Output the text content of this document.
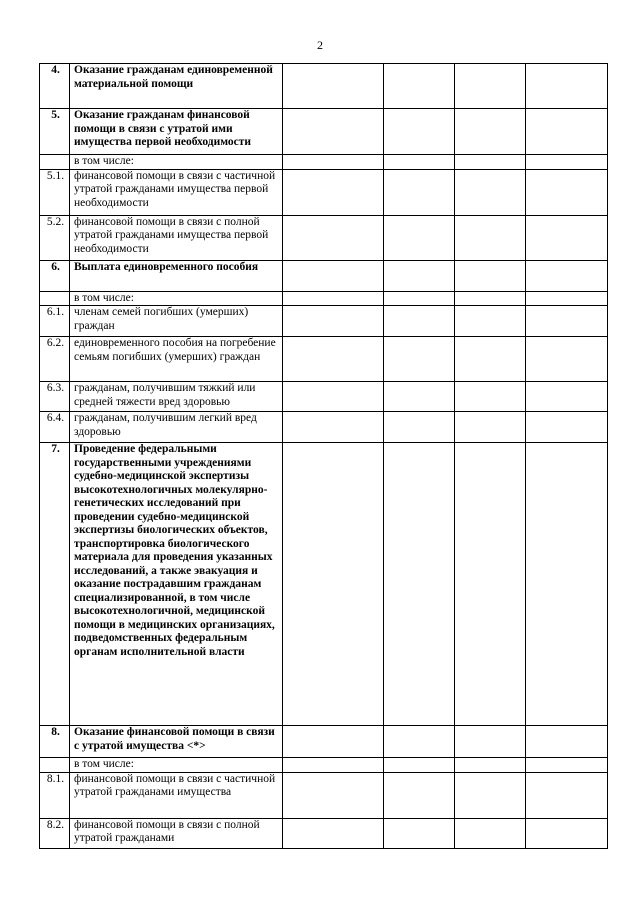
2
4.	Оказание гражданам единовременной материальной помощи				
5.	Оказание гражданам финансовой помощи в связи с утратой ими имущества первой необходимости				
	в том числе:				
5.1.	финансовой помощи в связи с частичной утратой гражданами имущества первой необходимости				
5.2.	финансовой помощи в связи с полной утратой гражданами имущества первой необходимости				
6.	Выплата единовременного пособия				
	в том числе:				
6.1.	членам семей погибших (умерших) граждан				
6.2.	единовременного пособия на погребение семьям погибших (умерших) граждан				
6.3.	гражданам, получившим тяжкий или средней тяжести вред здоровью				
6.4.	гражданам, получившим легкий вред здоровью				
7.	Проведение федеральными государственными учреждениями судебно-медицинской экспертизы высокотехнологичных молекулярно-генетических исследований при проведении судебно-медицинской экспертизы биологических объектов, транспортировка биологического материала для проведения указанных исследований, а также эвакуация и оказание пострадавшим гражданам специализированной, в том числе высокотехнологичной, медицинской помощи в медицинских организациях, подведомственных федеральным органам исполнительной власти				
8.	Оказание финансовой помощи в связи с утратой имущества <*>				
	в том числе:				
8.1.	финансовой помощи в связи с частичной утратой гражданами имущества				
8.2.	финансовой помощи в связи с полной утратой гражданами				
